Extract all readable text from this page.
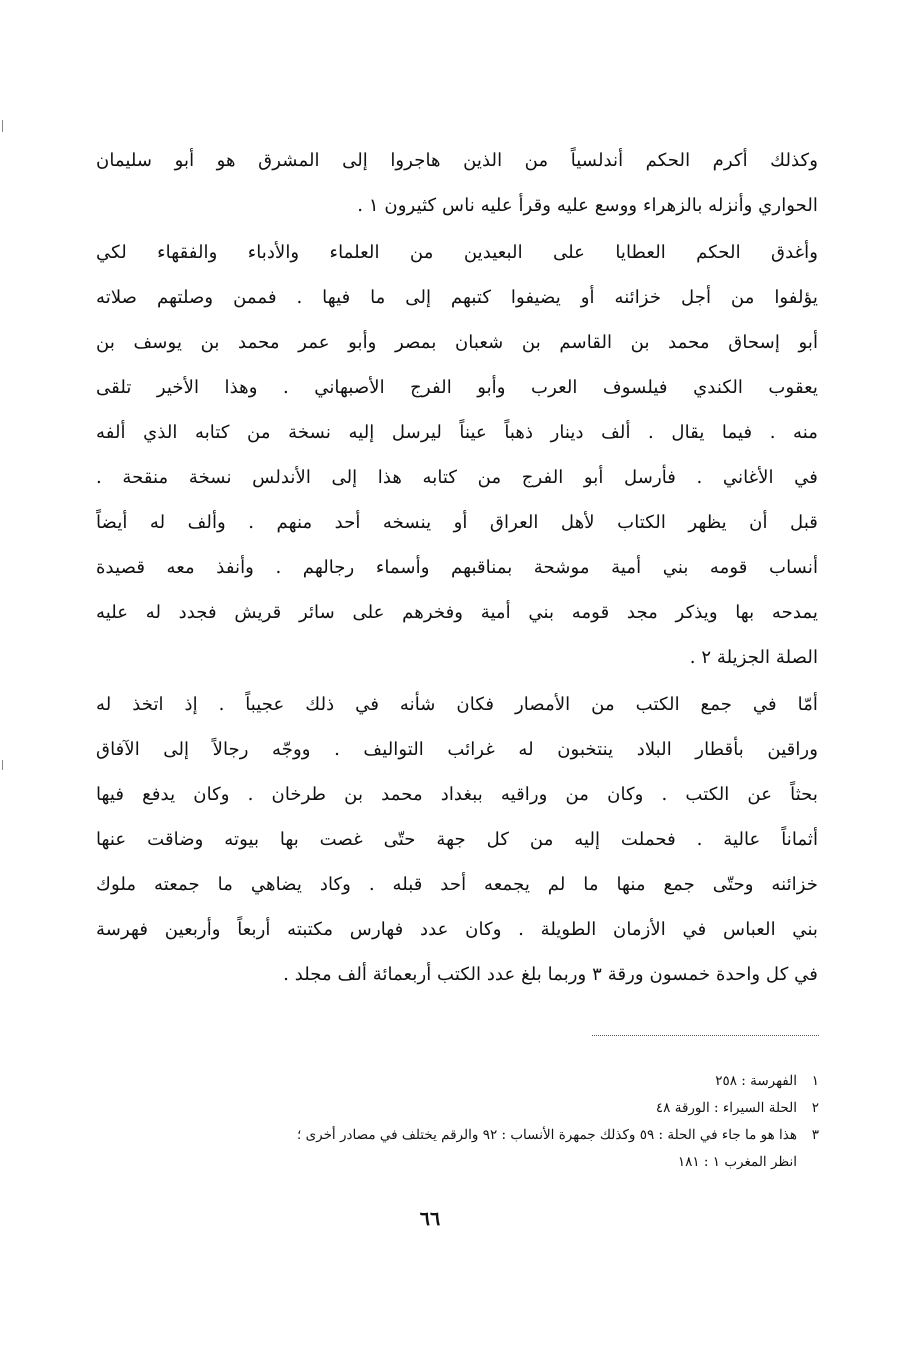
وكذلك أكرم الحكم أندلسياً من الذين هاجروا إلى المشرق هو أبو سليمان
الحواري وأنزله بالزهراء ووسع عليه وقرأ عليه ناس كثيرون ١ .
وأغدق الحكم العطايا على البعيدين من العلماء والأدباء والفقهاء لكي
يؤلفوا من أجل خزائنه أو يضيفوا كتبهم إلى ما فيها . فممن وصلتهم صلاته
أبو إسحاق محمد بن القاسم بن شعبان بمصر وأبو عمر محمد بن يوسف بن
يعقوب الكندي فيلسوف العرب وأبو الفرج الأصبهاني . وهذا الأخير تلقى
منه . فيما يقال . ألف دينار ذهباً عيناً ليرسل إليه نسخة من كتابه الذي ألفه
في الأغاني . فأرسل أبو الفرج من كتابه هذا إلى الأندلس نسخة منقحة .
قبل أن يظهر الكتاب لأهل العراق أو ينسخه أحد منهم . وألف له أيضاً
أنساب قومه بني أمية موشحة بمناقبهم وأسماء رجالهم . وأنفذ معه قصيدة
يمدحه بها ويذكر مجد قومه بني أمية وفخرهم على سائر قريش فجدد له عليه
الصلة الجزيلة ٢ .
أمّا في جمع الكتب من الأمصار فكان شأنه في ذلك عجيباً . إذ اتخذ له
وراقين بأقطار البلاد ينتخبون له غرائب التواليف . ووجّه رجالاً إلى الآفاق
بحثاً عن الكتب . وكان من وراقيه ببغداد محمد بن طرخان . وكان يدفع فيها
أثماناً عالية . فحملت إليه من كل جهة حتّى غصت بها بيوته وضاقت عنها
خزائنه وحتّى جمع منها ما لم يجمعه أحد قبله . وكاد يضاهي ما جمعته ملوك
بني العباس في الأزمان الطويلة . وكان عدد فهارس مكتبته أربعاً وأربعين فهرسة
في كل واحدة خمسون ورقة ٣ وربما بلغ عدد الكتب أربعمائة ألف مجلد .
١الفهرسة : ٢٥٨
٢الحلة السيراء : الورقة ٤٨
٣هذا هو ما جاء في الحلة : ٥٩ وكذلك جمهرة الأنساب : ٩٢ والرقم يختلف في مصادر أخرى ؛
انظر المغرب ١ : ١٨١
٦٦
